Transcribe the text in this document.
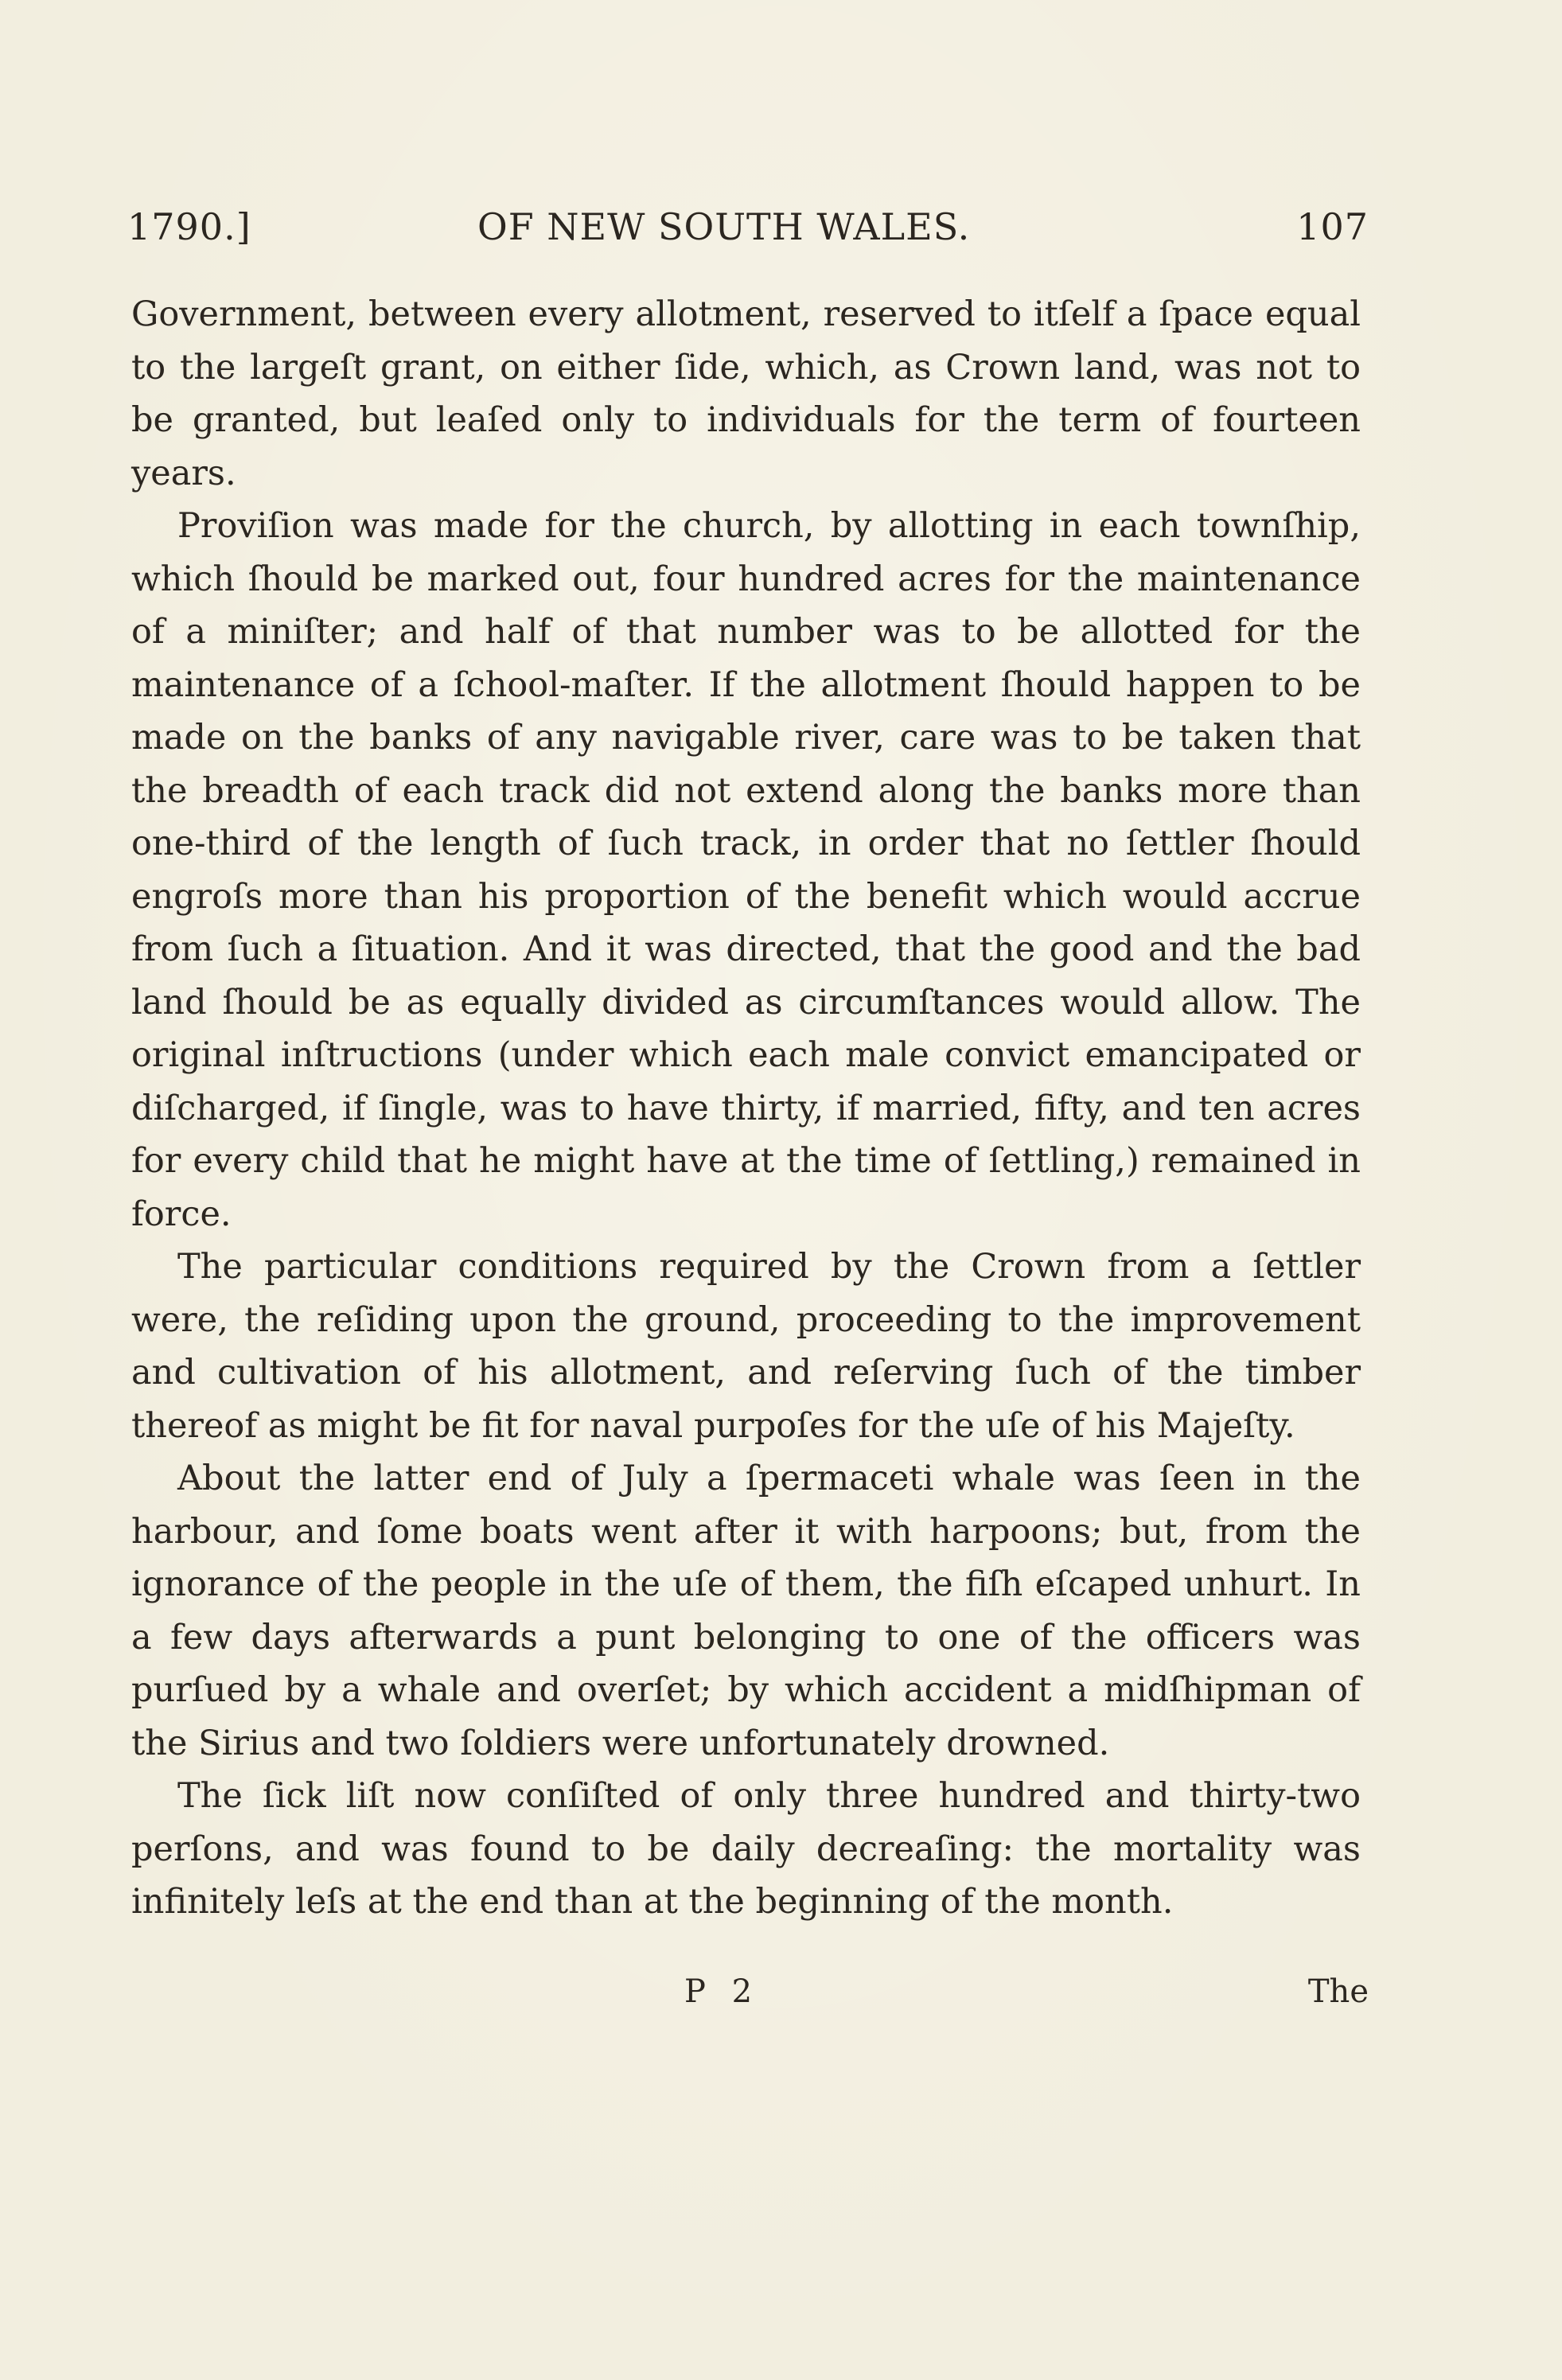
1790.]	OF NEW SOUTH WALES.	107

Government, between every allotment, reserved to itſelf a ſpace equal to the largeſt grant, on either ſide, which, as Crown land, was not to be granted, but leaſed only to individuals for the term of fourteen years.

Proviſion was made for the church, by allotting in each townſhip, which ſhould be marked out, four hundred acres for the maintenance of a miniſter; and half of that number was to be allotted for the maintenance of a ſchool-maſter. If the allotment ſhould happen to be made on the banks of any navigable river, care was to be taken that the breadth of each track did not extend along the banks more than one-third of the length of ſuch track, in order that no ſettler ſhould engroſs more than his proportion of the benefit which would accrue from ſuch a ſituation. And it was directed, that the good and the bad land ſhould be as equally divided as circumſtances would allow. The original inſtructions (under which each male convict emancipated or diſcharged, if ſingle, was to have thirty, if married, fifty, and ten acres for every child that he might have at the time of ſettling,) remained in force.

The particular conditions required by the Crown from a ſettler were, the reſiding upon the ground, proceeding to the improvement and cultivation of his allotment, and reſerving ſuch of the timber thereof as might be fit for naval purpoſes for the uſe of his Majeſty.

About the latter end of July a ſpermaceti whale was ſeen in the harbour, and ſome boats went after it with harpoons; but, from the ignorance of the people in the uſe of them, the fiſh eſcaped unhurt. In a few days afterwards a punt belonging to one of the officers was purſued by a whale and overſet; by which accident a midſhipman of the Sirius and two ſoldiers were unfortunately drowned.

The ſick liſt now conſiſted of only three hundred and thirty-two perſons, and was found to be daily decreaſing: the mortality was infinitely leſs at the end than at the beginning of the month.

P 2	The
